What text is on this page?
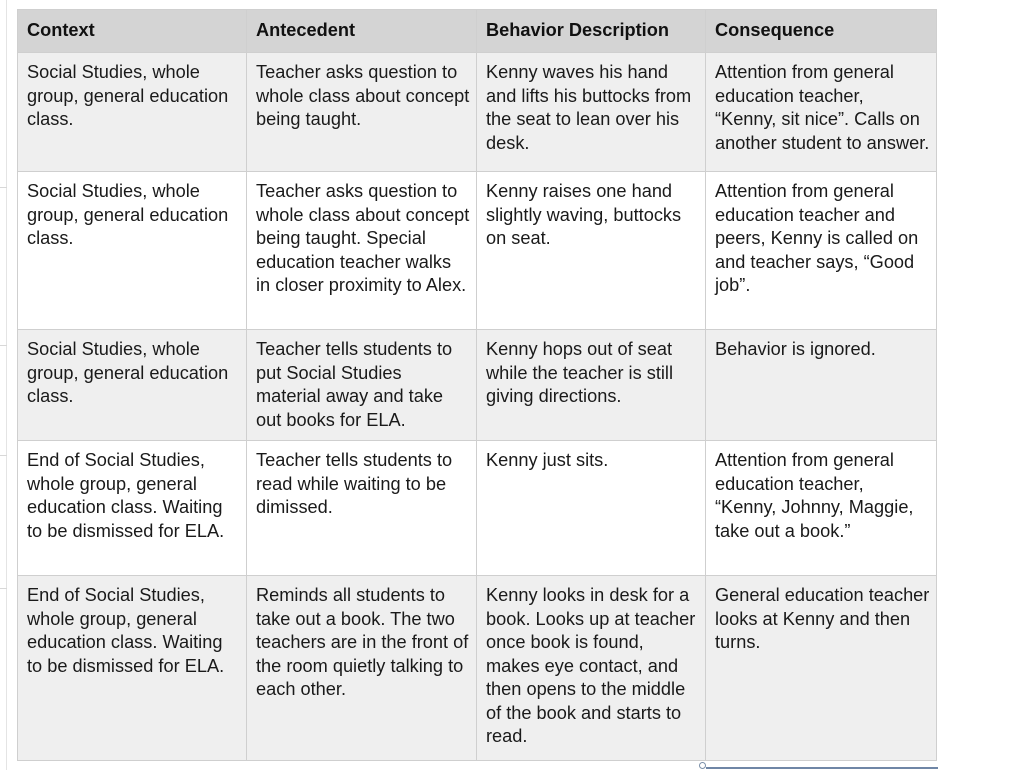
Context	Antecedent	Behavior Description	Consequence
Social Studies, whole group, general education class.	Teacher asks question to whole class about concept being taught.	Kenny waves his hand and lifts his buttocks from the seat to lean over his desk.	Attention from general education teacher, “Kenny, sit nice”. Calls on another student to answer.
Social Studies, whole group, general education class.	Teacher asks question to whole class about concept being taught. Special education teacher walks in closer proximity to Alex.	Kenny raises one hand slightly waving, buttocks on seat.	Attention from general education teacher and peers, Kenny is called on and teacher says, “Good job”.
Social Studies, whole group, general education class.	Teacher tells students to put Social Studies material away and take out books for ELA.	Kenny hops out of seat while the teacher is still giving directions.	Behavior is ignored.
End of Social Studies, whole group, general education class. Waiting to be dismissed for ELA.	Teacher tells students to read while waiting to be dimissed.	Kenny just sits.	Attention from general education teacher, “Kenny, Johnny, Maggie, take out a book.”
End of Social Studies, whole group, general education class. Waiting to be dismissed for ELA.	Reminds all students to take out a book. The two teachers are in the front of the room quietly talking to each other.	Kenny looks in desk for a book. Looks up at teacher once book is found, makes eye contact, and then opens to the middle of the book and starts to read.	General education teacher looks at Kenny and then turns.
